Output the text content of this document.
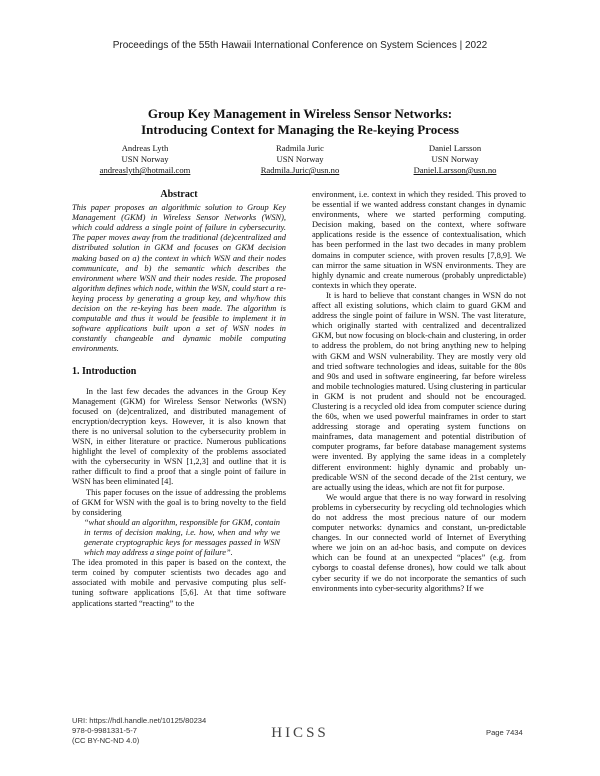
Proceedings of the 55th Hawaii International Conference on System Sciences | 2022
Group Key Management in Wireless Sensor Networks:
Introducing Context for Managing the Re-keying Process
Andreas Lyth
USN Norway
andreaslyth@hotmail.com
Radmila Juric
USN Norway
Radmila.Juric@usn.no
Daniel Larsson
USN Norway
Daniel.Larsson@usn.no
Abstract

This paper proposes an algorithmic solution to Group Key Management (GKM) in Wireless Sensor Networks (WSN), which could address a single point of failure in cybersecurity. The paper moves away from the traditional (de)centralized and distributed solution in GKM and focuses on GKM decision making based on a) the context in which WSN and their nodes communicate, and b) the semantic which describes the environment where WSN and their nodes reside. The proposed algorithm defines which node, within the WSN, could start a re-keying process by generating a group key, and why/how this decision on the re-keying has been made. The algorithm is computable and thus it would be feasible to implement it in software applications built upon a set of WSN nodes in constantly changeable and dynamic mobile computing environments.

1. Introduction

In the last few decades the advances in the Group Key Management (GKM) for Wireless Sensor Networks (WSN) focused on (de)centralized, and distributed management of encryption/decryption keys. However, it is also known that there is no universal solution to the cybersecurity problem in WSN, in either literature or practice. Numerous publications highlight the level of complexity of the problems associated with the cybersecurity in WSN [1,2,3] and outline that it is rather difficult to find a proof that a single point of failure in WSN has been eliminated [4].

This paper focuses on the issue of addressing the problems of GKM for WSN with the goal is to bring novelty to the field by considering

“what should an algorithm, responsible for GKM, contain in terms of decision making, i.e. how, when and why we generate cryptographic keys for messages passed in WSN which may address a singe point of failure”.

The idea promoted in this paper is based on the context, the term coined by computer scientists two decades ago and associated with mobile and pervasive computing plus self-tuning software applications [5,6]. At that time software applications started “reacting” to the

environment, i.e. context in which they resided. This proved to be essential if we wanted address constant changes in dynamic environments, where we started performing computing. Decision making, based on the context, where software applications reside is the essence of contextualisation, which has been performed in the last two decades in many problem domains in computer science, with proven results [7,8,9]. We can mirror the same situation in WSN environments. They are highly dynamic and create numerous (probably unpredictable) contexts in which they operate.

It is hard to believe that constant changes in WSN do not affect all existing solutions, which claim to guard GKM and address the single point of failure in WSN. The vast literature, which originally started with centralized and decentralized GKM, but now focusing on block-chain and clustering, in order to address the problem, do not bring anything new to helping with GKM and WSN vulnerability. They are mostly very old and tried software technologies and ideas, suitable for the 80s and 90s and used in software engineering, far before wireless and mobile technologies matured. Using clustering in particular in GKM is not prudent and should not be encouraged. Clustering is a recycled old idea from computer science during the 60s, when we used powerful mainframes in order to start addressing storage and operating system functions on mainframes, data management and potential distribution of computer programs, far before database management systems were invented. By applying the same ideas in a completely different environment: highly dynamic and probably un-predicable WSN of the second decade of the 21st century, we are actually using the ideas, which are not fit for purpose.

We would argue that there is no way forward in resolving problems in cybersecurity by recycling old technologies which do not address the most precious nature of our modern computer networks: dynamics and constant, un-predictable changes. In our connected world of Internet of Everything where we join on an ad-hoc basis, and compute on devices which can be found at an unexpected “places” (e.g. from cyborgs to coastal defense drones), how could we talk about cyber security if we do not incorporate the semantics of such environments into cyber-security algorithms? If we

URI: https://hdl.handle.net/10125/80234
978-0-9981331-5-7
(CC BY-NC-ND 4.0)	HICSS	Page 7434
